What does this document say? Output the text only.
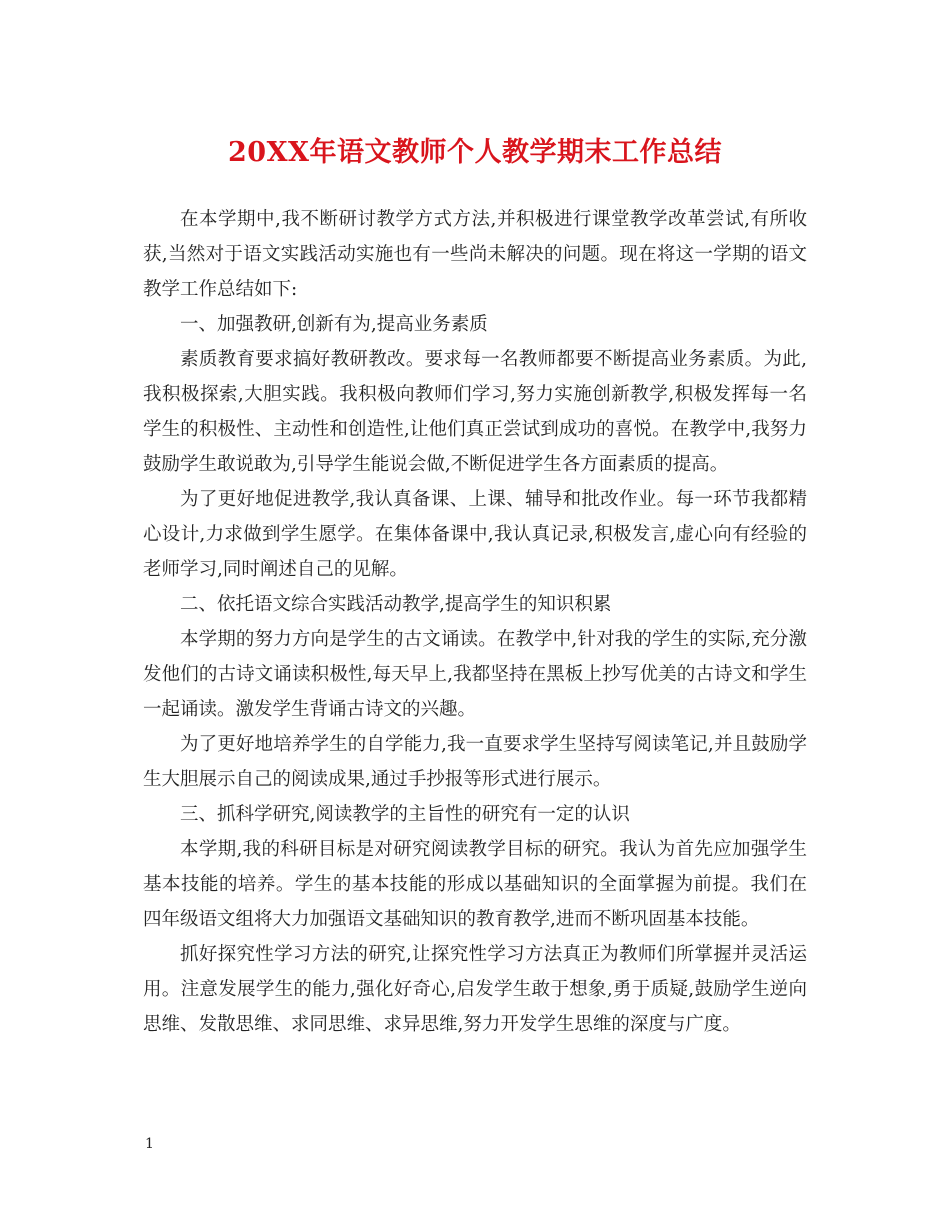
20XX年语文教师个人教学期末工作总结

在本学期中,我不断研讨教学方式方法,并积极进行课堂教学改革尝试,有所收获,当然对于语文实践活动实施也有一些尚未解决的问题。现在将这一学期的语文教学工作总结如下:

一、加强教研,创新有为,提高业务素质

素质教育要求搞好教研教改。要求每一名教师都要不断提高业务素质。为此,我积极探索,大胆实践。我积极向教师们学习,努力实施创新教学,积极发挥每一名学生的积极性、主动性和创造性,让他们真正尝试到成功的喜悦。在教学中,我努力鼓励学生敢说敢为,引导学生能说会做,不断促进学生各方面素质的提高。

为了更好地促进教学,我认真备课、上课、辅导和批改作业。每一环节我都精心设计,力求做到学生愿学。在集体备课中,我认真记录,积极发言,虚心向有经验的老师学习,同时阐述自己的见解。

二、依托语文综合实践活动教学,提高学生的知识积累

本学期的努力方向是学生的古文诵读。在教学中,针对我的学生的实际,充分激发他们的古诗文诵读积极性,每天早上,我都坚持在黑板上抄写优美的古诗文和学生一起诵读。激发学生背诵古诗文的兴趣。

为了更好地培养学生的自学能力,我一直要求学生坚持写阅读笔记,并且鼓励学生大胆展示自己的阅读成果,通过手抄报等形式进行展示。

三、抓科学研究,阅读教学的主旨性的研究有一定的认识

本学期,我的科研目标是对研究阅读教学目标的研究。我认为首先应加强学生基本技能的培养。学生的基本技能的形成以基础知识的全面掌握为前提。我们在四年级语文组将大力加强语文基础知识的教育教学,进而不断巩固基本技能。

抓好探究性学习方法的研究,让探究性学习方法真正为教师们所掌握并灵活运用。注意发展学生的能力,强化好奇心,启发学生敢于想象,勇于质疑,鼓励学生逆向思维、发散思维、求同思维、求异思维,努力开发学生思维的深度与广度。

1
